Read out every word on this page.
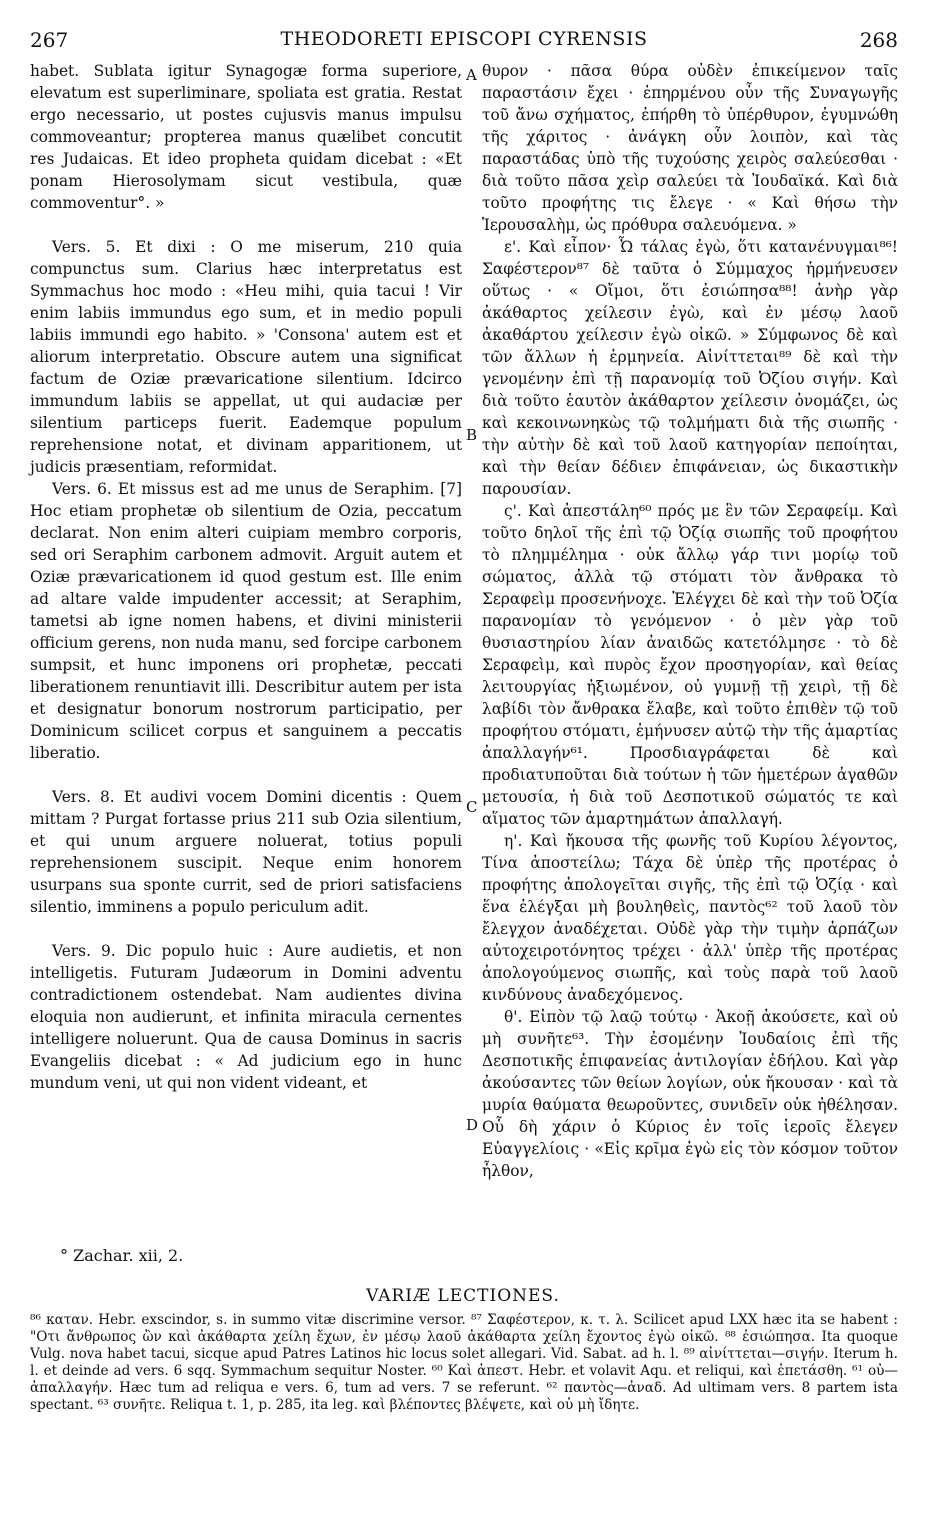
267	THEODORETI EPISCOPI CYRENSIS	268

habet. Sublata igitur Synagogæ forma superiore, elevatum est superliminare, spoliata est gratia. Restat ergo necessario, ut postes cujusvis manus impulsu commoveantur; propterea manus quælibet concutit res Judaicas. Et ideo propheta quidam dicebat : «Et ponam Hierosolymam sicut vestibula, quæ commoventur°. »

Vers. 5. Et dixi : O me miserum, 210 quia compunctus sum. Clarius hæc interpretatus est Symmachus hoc modo : «Heu mihi, quia tacui ! Vir enim labiis immundus ego sum, et in medio populi labiis immundi ego habito. » 'Consona' autem est et aliorum interpretatio. Obscure autem una significat factum de Oziæ prævaricatione silentium. Idcirco immundum labiis se appellat, ut qui audaciæ per silentium particeps fuerit. Eademque populum reprehensione notat, et divinam apparitionem, ut judicis præsentiam, reformidat.

Vers. 6. Et missus est ad me unus de Seraphim. [7] Hoc etiam prophetæ ob silentium de Ozia, peccatum declarat. Non enim alteri cuipiam membro corporis, sed ori Seraphim carbonem admovit. Arguit autem et Oziæ prævaricationem id quod gestum est. Ille enim ad altare valde impudenter accessit; at Seraphim, tametsi ab igne nomen habens, et divini ministerii officium gerens, non nuda manu, sed forcipe carbonem sumpsit, et hunc imponens ori prophetæ, peccati liberationem renuntiavit illi. Describitur autem per ista et designatur bonorum nostrorum participatio, per Dominicum scilicet corpus et sanguinem a peccatis liberatio.

Vers. 8. Et audivi vocem Domini dicentis : Quem mittam ? Purgat fortasse prius 211 sub Ozia silentium, et qui unum arguere noluerat, totius populi reprehensionem suscipit. Neque enim honorem usurpans sua sponte currit, sed de priori satisfaciens silentio, imminens a populo periculum adit.

Vers. 9. Dic populo huic : Aure audietis, et non intelligetis. Futuram Judæorum in Domini adventu contradictionem ostendebat. Nam audientes divina eloquia non audierunt, et infinita miracula cernentes intelligere noluerunt. Qua de causa Dominus in sacris Evangeliis dicebat : « Ad judicium ego in hunc mundum veni, ut qui non vident videant, et

A
B
C
D

θυρον · πᾶσα θύρα οὐδὲν ἐπικείμενον ταῖς παραστάσιν ἔχει · ἐπηρμένου οὖν τῆς Συναγωγῆς τοῦ ἄνω σχήματος, ἐπήρθη τὸ ὑπέρθυρον, ἐγυμνώθη τῆς χάριτος · ἀνάγκη οὖν λοιπὸν, καὶ τὰς παραστάδας ὑπὸ τῆς τυχούσης χειρὸς σαλεύεσθαι · διὰ τοῦτο πᾶσα χεὶρ σαλεύει τὰ Ἰουδαϊκά. Καὶ διὰ τοῦτο προφήτης τις ἔλεγε · « Καὶ θήσω τὴν Ἱερουσαλὴμ, ὡς πρόθυρα σαλευόμενα. »

ε'. Καὶ εἶπον· Ὦ τάλας ἐγὼ, ὅτι κατανένυγμαι⁸⁶! Σαφέστερον⁸⁷ δὲ ταῦτα ὁ Σύμμαχος ἡρμήνευσεν οὕτως · « Οἴμοι, ὅτι ἐσιώπησα⁸⁸! ἀνὴρ γὰρ ἀκάθαρτος χείλεσιν ἐγὼ, καὶ ἐν μέσῳ λαοῦ ἀκαθάρτου χείλεσιν ἐγὼ οἰκῶ. » Σύμφωνος δὲ καὶ τῶν ἄλλων ἡ ἑρμηνεία. Αἰνίττεται⁸⁹ δὲ καὶ τὴν γενομένην ἐπὶ τῇ παρανομίᾳ τοῦ Ὀζίου σιγήν. Καὶ διὰ τοῦτο ἑαυτὸν ἀκάθαρτον χείλεσιν ὀνομάζει, ὡς καὶ κεκοινωνηκὼς τῷ τολμήματι διὰ τῆς σιωπῆς · τὴν αὐτὴν δὲ καὶ τοῦ λαοῦ κατηγορίαν πεποίηται, καὶ τὴν θείαν δέδιεν ἐπιφάνειαν, ὡς δικαστικὴν παρουσίαν.

ς'. Καὶ ἀπεστάλη⁶⁰ πρός με ἓν τῶν Σεραφείμ. Καὶ τοῦτο δηλοῖ τῆς ἐπὶ τῷ Ὀζίᾳ σιωπῆς τοῦ προφήτου τὸ πλημμέλημα · οὐκ ἄλλῳ γάρ τινι μορίῳ τοῦ σώματος, ἀλλὰ τῷ στόματι τὸν ἄνθρακα τὸ Σεραφεὶμ προσενήνοχε. Ἐλέγχει δὲ καὶ τὴν τοῦ Ὀζία παρανομίαν τὸ γενόμενον · ὁ μὲν γὰρ τοῦ θυσιαστηρίου λίαν ἀναιδῶς κατετόλμησε · τὸ δὲ Σεραφεὶμ, καὶ πυρὸς ἔχον προσηγορίαν, καὶ θείας λειτουργίας ἠξιωμένον, οὐ γυμνῇ τῇ χειρὶ, τῇ δὲ λαβίδι τὸν ἄνθρακα ἔλαβε, καὶ τοῦτο ἐπιθὲν τῷ τοῦ προφήτου στόματι, ἐμήνυσεν αὐτῷ τὴν τῆς ἁμαρτίας ἀπαλλαγήν⁶¹. Προσδιαγράφεται δὲ καὶ προδιατυποῦται διὰ τούτων ἡ τῶν ἡμετέρων ἀγαθῶν μετουσία, ἡ διὰ τοῦ Δεσποτικοῦ σώματός τε καὶ αἵματος τῶν ἁμαρτημάτων ἀπαλλαγή.

η'. Καὶ ἤκουσα τῆς φωνῆς τοῦ Κυρίου λέγοντος, Τίνα ἀποστείλω; Τάχα δὲ ὑπὲρ τῆς προτέρας ὁ προφήτης ἀπολογεῖται σιγῆς, τῆς ἐπὶ τῷ Ὀζίᾳ · καὶ ἕνα ἐλέγξαι μὴ βουληθεὶς, παντὸς⁶² τοῦ λαοῦ τὸν ἔλεγχον ἀναδέχεται. Οὐδὲ γὰρ τὴν τιμὴν ἁρπάζων αὐτοχειροτόνητος τρέχει · ἀλλ' ὑπὲρ τῆς προτέρας ἀπολογούμενος σιωπῆς, καὶ τοὺς παρὰ τοῦ λαοῦ κινδύνους ἀναδεχόμενος.

θ'. Εἰπὸν τῷ λαῷ τούτῳ · Ἀκοῇ ἀκούσετε, καὶ οὐ μὴ συνῆτε⁶³. Τὴν ἐσομένην Ἰουδαίοις ἐπὶ τῆς Δεσποτικῆς ἐπιφανείας ἀντιλογίαν ἐδήλου. Καὶ γὰρ ἀκούσαντες τῶν θείων λογίων, οὐκ ἤκουσαν · καὶ τὰ μυρία θαύματα θεωροῦντες, συνιδεῖν οὐκ ἠθέλησαν. Οὗ δὴ χάριν ὁ Κύριος ἐν τοῖς ἱεροῖς ἔλεγεν Εὐαγγελίοις · «Εἰς κρῖμα ἐγὼ εἰς τὸν κόσμον τοῦτον ἦλθον,

° Zachar. xii, 2.
VARIÆ LECTIONES.
⁸⁶ καταν. Hebr. exscindor, s. in summo vitæ discrimine versor. ⁸⁷ Σαφέστερον, κ. τ. λ. Scilicet apud LXX hæc ita se habent : "Οτι ἄνθρωπος ὢν καὶ ἀκάθαρτα χείλη ἔχων, ἐν μέσῳ λαοῦ ἀκάθαρτα χείλη ἔχοντος ἐγὼ οἰκῶ. ⁸⁸ ἐσιώπησα. Ita quoque Vulg. nova habet tacui, sicque apud Patres Latinos hic locus solet allegari. Vid. Sabat. ad h. l. ⁸⁹ αἰνίττεται—σιγήν. Iterum h. l. et deinde ad vers. 6 sqq. Symmachum sequitur Noster. ⁶⁰ Καὶ ἀπεστ. Hebr. et volavit Aqu. et reliqui, καὶ ἐπετάσθη. ⁶¹ οὐ—ἀπαλλαγήν. Hæc tum ad reliqua e vers. 6, tum ad vers. 7 se referunt. ⁶² παντὸς—ἀναδ. Ad ultimam vers. 8 partem ista spectant. ⁶³ συνῆτε. Reliqua t. 1, p. 285, ita leg. καὶ βλέποντες βλέψετε, καὶ οὐ μὴ ἴδητε.
